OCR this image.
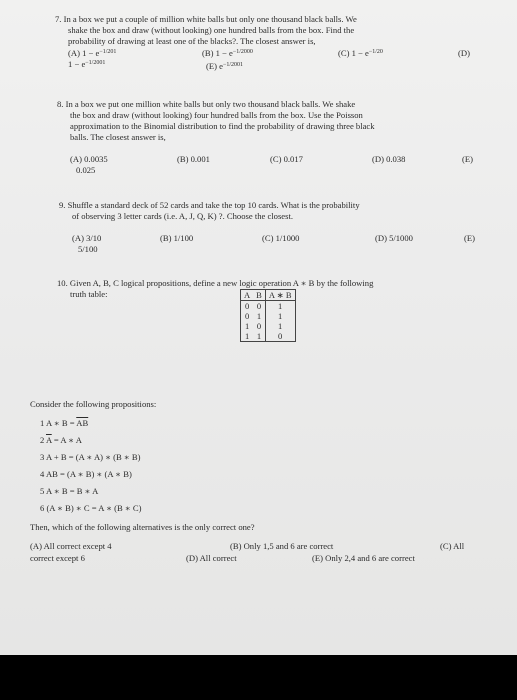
7. In a box we put a couple of million white balls but only one thousand black balls. We
shake the box and draw (without looking) one hundred balls from the box. Find the
probability of drawing at least one of the blacks?. The closest answer is,
(A) $1 - e^{-1/201}$	(B) $1 - e^{-1/2000}$	(C) $1 - e^{-1/20}$	(D)
$1 - e^{-1/2001}$	(E) $e^{-1/2001}$
8. In a box we put one million white balls but only two thousand black balls. We shake
the box and draw (without looking) four hundred balls from the box. Use the Poisson
approximation to the Binomial distribution to find the probability of drawing three black
balls. The closest answer is,
(A) 0.0035	(B) 0.001	(C) 0.017	(D) 0.038	(E)
0.025
9. Shuffle a standard deck of 52 cards and take the top 10 cards. What is the probability
of observing 3 letter cards (i.e. A, J, Q, K) ?. Choose the closest.
(A) 3/10	(B) 1/100	(C) 1/1000	(D) 5/1000	(E)
5/100
10. Given A, B, C logical propositions, define a new logic operation A ∗ B by the following
truth table:	A	B	A ∗ B
0	0	1
0	1	1
1	0	1
1	1	0
Consider the following propositions:
1 A ∗ $B = \overline{AB}$
2 $\overline{A} = A$ ∗ A
3 A + B = (A ∗ A) ∗ (B ∗ B)
4 AB = (A ∗ B) ∗ (A ∗ B)
5 A ∗ B = B ∗ A
6 (A ∗ B) ∗ C = A ∗ (B ∗ C)
Then, which of the following alternatives is the only correct one?
(A) All correct except 4	(B) Only 1,5 and 6 are correct	(C) All
correct except 6	(D) All correct	(E) Only 2,4 and 6 are correct
